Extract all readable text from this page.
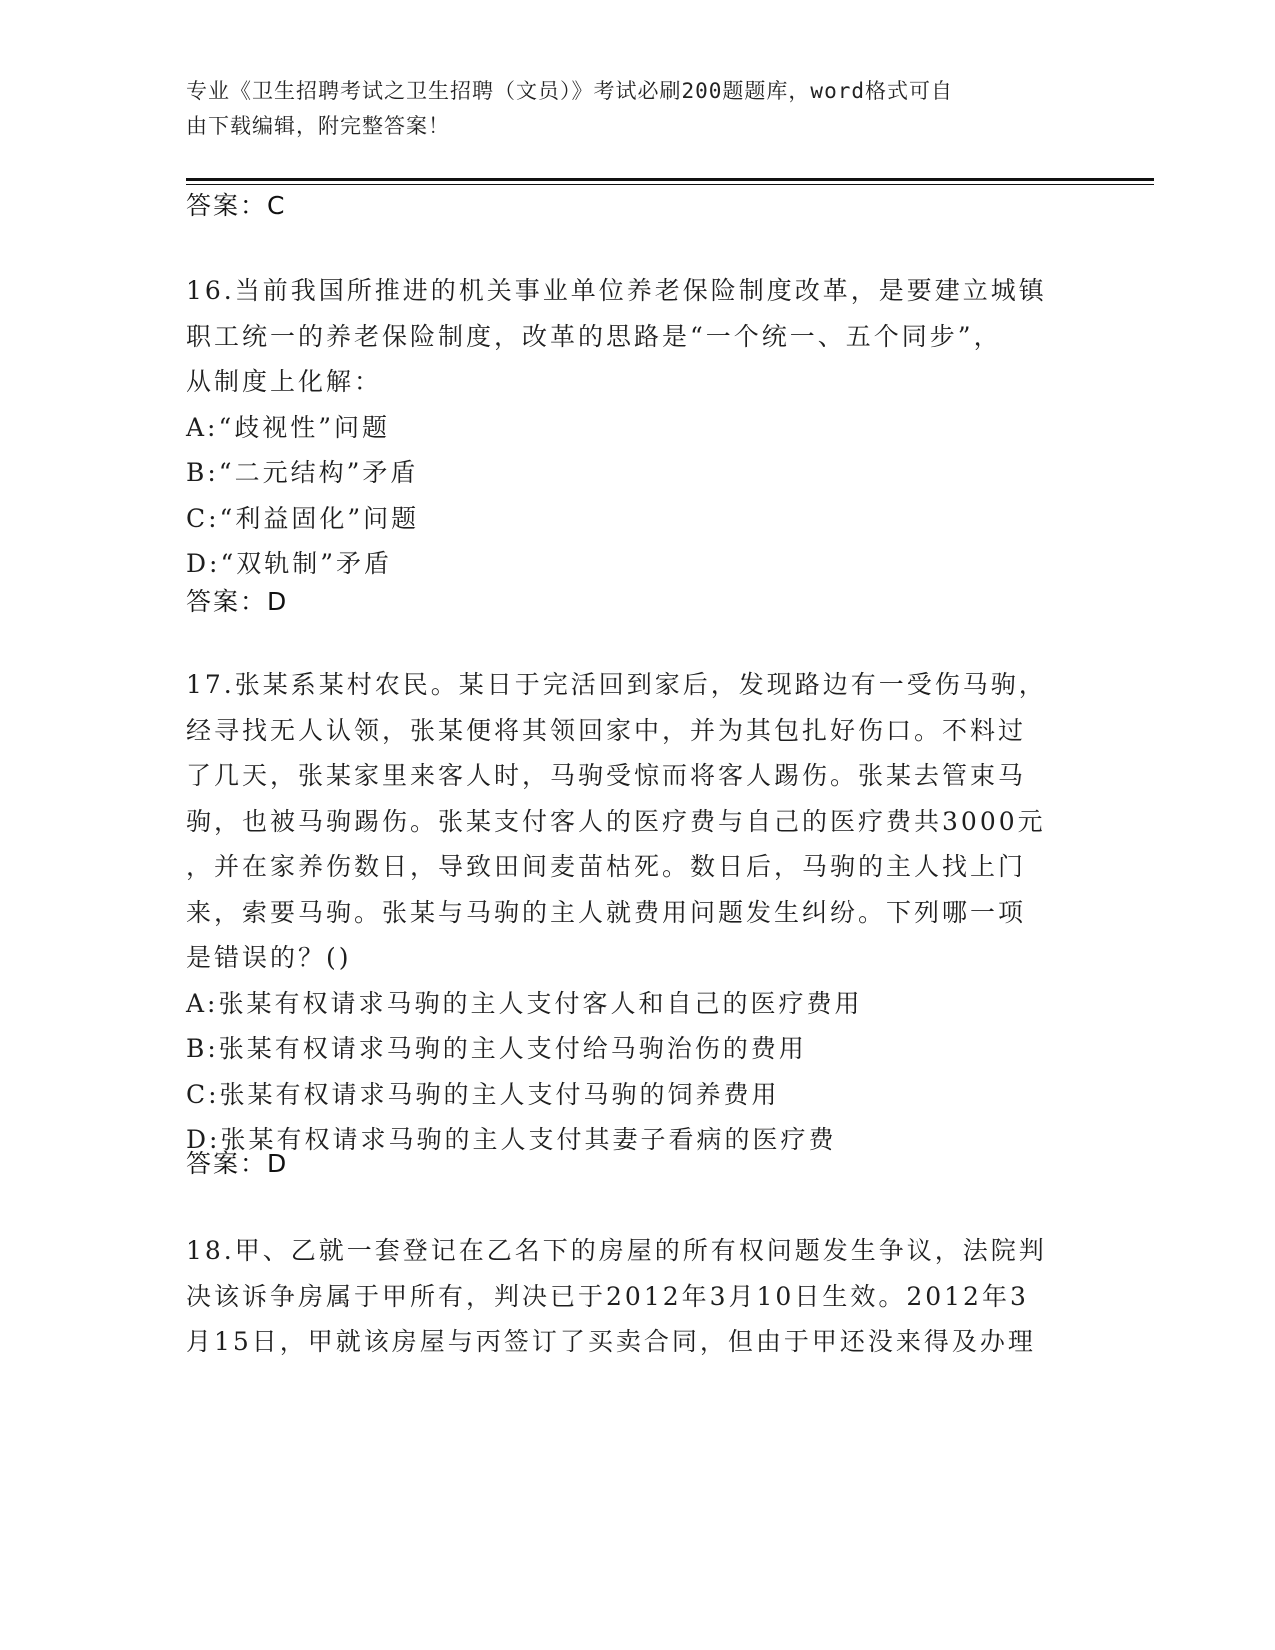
专业《卫生招聘考试之卫生招聘（文员）》考试必刷200题题库，word格式可自
由下载编辑，附完整答案！
答案：C
16.当前我国所推进的机关事业单位养老保险制度改革，是要建立城镇
职工统一的养老保险制度，改革的思路是“一个统一、五个同步”，
从制度上化解：
A:“歧视性”问题
B:“二元结构”矛盾
C:“利益固化”问题
D:“双轨制”矛盾
答案：D
17.张某系某村农民。某日于完活回到家后，发现路边有一受伤马驹，
经寻找无人认领，张某便将其领回家中，并为其包扎好伤口。不料过
了几天，张某家里来客人时，马驹受惊而将客人踢伤。张某去管束马
驹，也被马驹踢伤。张某支付客人的医疗费与自己的医疗费共3000元
，并在家养伤数日，导致田间麦苗枯死。数日后，马驹的主人找上门
来，索要马驹。张某与马驹的主人就费用问题发生纠纷。下列哪一项
是错误的？()
A:张某有权请求马驹的主人支付客人和自己的医疗费用
B:张某有权请求马驹的主人支付给马驹治伤的费用
C:张某有权请求马驹的主人支付马驹的饲养费用
D:张某有权请求马驹的主人支付其妻子看病的医疗费
答案：D
18.甲、乙就一套登记在乙名下的房屋的所有权问题发生争议，法院判
决该诉争房属于甲所有，判决已于2012年3月10日生效。2012年3
月15日，甲就该房屋与丙签订了买卖合同，但由于甲还没来得及办理
